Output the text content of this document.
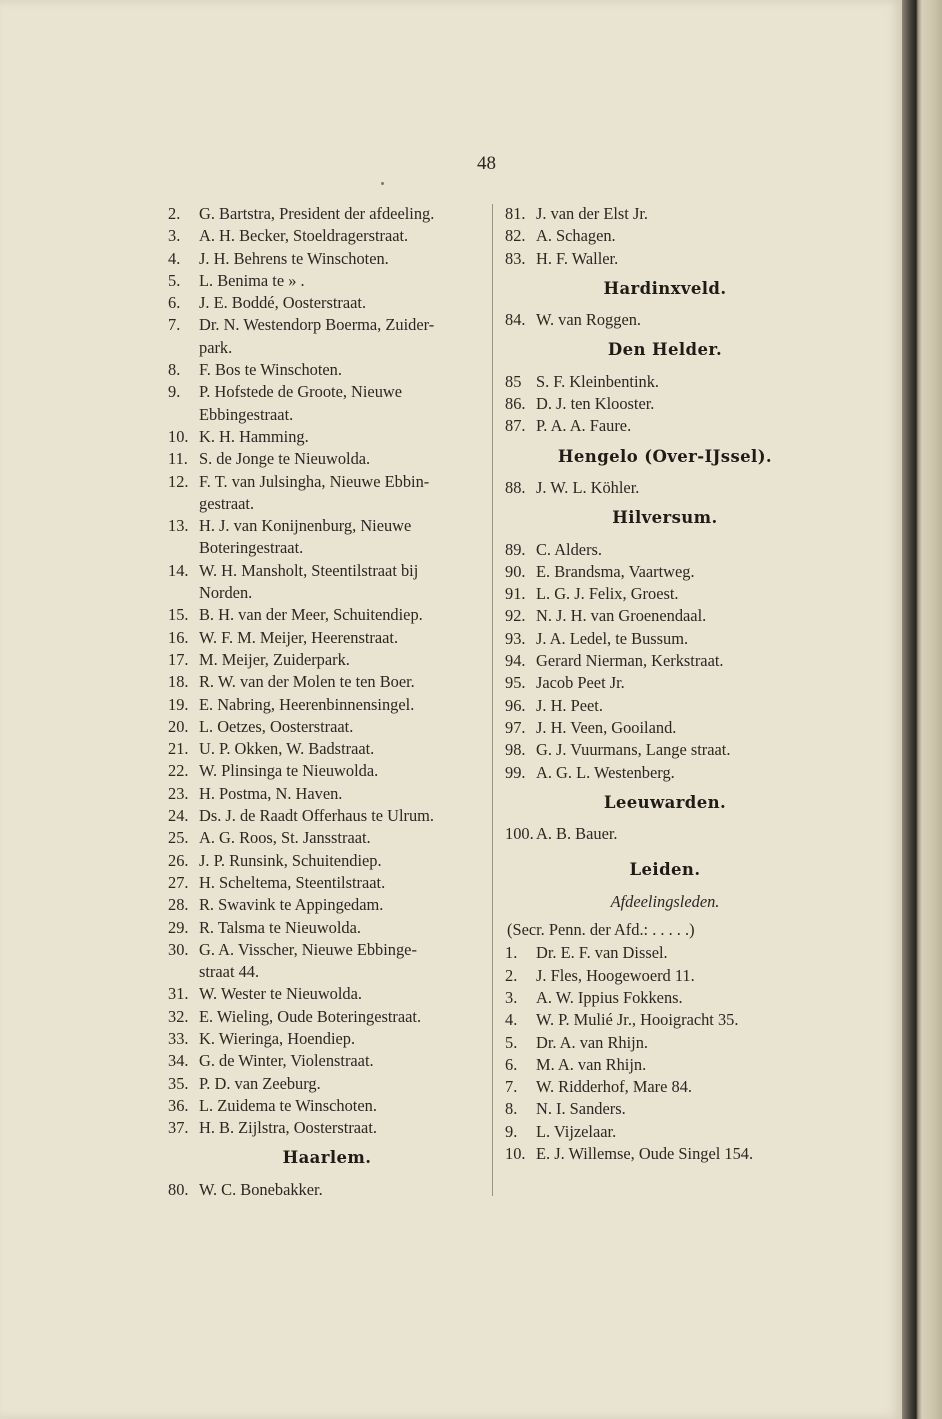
48
2. G. Bartstra, President der afdeeling.
3. A. H. Becker, Stoeldragerstraat.
4. J. H. Behrens te Winschoten.
5. L. Benima te » .
6. J. E. Boddé, Oosterstraat.
7. Dr. N. Westendorp Boerma, Zuider-
park.
8. F. Bos te Winschoten.
9. P. Hofstede de Groote, Nieuwe
Ebbingestraat.
10. K. H. Hamming.
11. S. de Jonge te Nieuwolda.
12. F. T. van Julsingha, Nieuwe Ebbin-
gestraat.
13. H. J. van Konijnenburg, Nieuwe
Boteringestraat.
14. W. H. Mansholt, Steentilstraat bij
Norden.
15. B. H. van der Meer, Schuitendiep.
16. W. F. M. Meijer, Heerenstraat.
17. M. Meijer, Zuiderpark.
18. R. W. van der Molen te ten Boer.
19. E. Nabring, Heerenbinnensingel.
20. L. Oetzes, Oosterstraat.
21. U. P. Okken, W. Badstraat.
22. W. Plinsinga te Nieuwolda.
23. H. Postma, N. Haven.
24. Ds. J. de Raadt Offerhaus te Ulrum.
25. A. G. Roos, St. Jansstraat.
26. J. P. Runsink, Schuitendiep.
27. H. Scheltema, Steentilstraat.
28. R. Swavink te Appingedam.
29. R. Talsma te Nieuwolda.
30. G. A. Visscher, Nieuwe Ebbinge-
straat 44.
31. W. Wester te Nieuwolda.
32. E. Wieling, Oude Boteringestraat.
33. K. Wieringa, Hoendiep.
34. G. de Winter, Violenstraat.
35. P. D. van Zeeburg.
36. L. Zuidema te Winschoten.
37. H. B. Zijlstra, Oosterstraat.
Haarlem.
80. W. C. Bonebakker.
81. J. van der Elst Jr.
82. A. Schagen.
83. H. F. Waller.
Hardinxveld.
84. W. van Roggen.
Den Helder.
85 S. F. Kleinbentink.
86. D. J. ten Klooster.
87. P. A. A. Faure.
Hengelo (Over-IJssel).
88. J. W. L. Köhler.
Hilversum.
89. C. Alders.
90. E. Brandsma, Vaartweg.
91. L. G. J. Felix, Groest.
92. N. J. H. van Groenendaal.
93. J. A. Ledel, te Bussum.
94. Gerard Nierman, Kerkstraat.
95. Jacob Peet Jr.
96. J. H. Peet.
97. J. H. Veen, Gooiland.
98. G. J. Vuurmans, Lange straat.
99. A. G. L. Westenberg.
Leeuwarden.
100. A. B. Bauer.
Leiden.
Afdeelingsleden.
(Secr. Penn. der Afd.: . . . . .)
1. Dr. E. F. van Dissel.
2. J. Fles, Hoogewoerd 11.
3. A. W. Ippius Fokkens.
4. W. P. Mulié Jr., Hooigracht 35.
5. Dr. A. van Rhijn.
6. M. A. van Rhijn.
7. W. Ridderhof, Mare 84.
8. N. I. Sanders.
9. L. Vijzelaar.
10. E. J. Willemse, Oude Singel 154.
